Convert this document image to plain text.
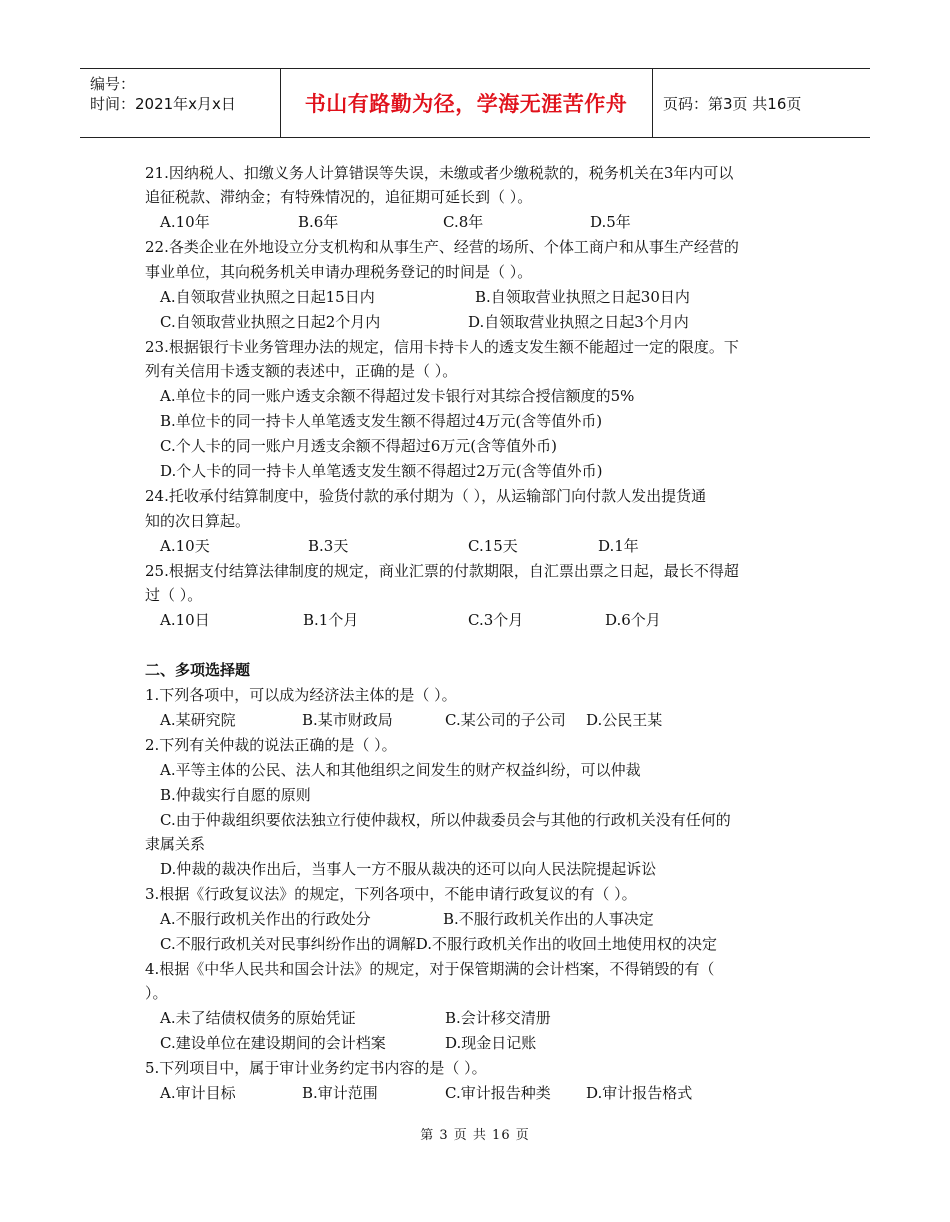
编号：
时间：2021年x月x日	书山有路勤为径，学海无涯苦作舟	页码：第3页 共16页
21.因纳税人、扣缴义务人计算错误等失误，未缴或者少缴税款的，税务机关在3年内可以
追征税款、滞纳金；有特殊情况的，追征期可延长到（ ）。
A.10年	B.6年	C.8年	D.5年
22.各类企业在外地设立分支机构和从事生产、经营的场所、个体工商户和从事生产经营的
事业单位，其向税务机关申请办理税务登记的时间是（ ）。
A.自领取营业执照之日起15日内	B.自领取营业执照之日起30日内
C.自领取营业执照之日起2个月内	D.自领取营业执照之日起3个月内
23.根据银行卡业务管理办法的规定，信用卡持卡人的透支发生额不能超过一定的限度。下
列有关信用卡透支额的表述中，正确的是（ ）。
A.单位卡的同一账户透支余额不得超过发卡银行对其综合授信额度的5%
B.单位卡的同一持卡人单笔透支发生额不得超过4万元(含等值外币)
C.个人卡的同一账户月透支余额不得超过6万元(含等值外币)
D.个人卡的同一持卡人单笔透支发生额不得超过2万元(含等值外币)
24.托收承付结算制度中，验货付款的承付期为（ ），从运输部门向付款人发出提货通
知的次日算起。
A.10天	B.3天	C.15天	D.1年
25.根据支付结算法律制度的规定，商业汇票的付款期限，自汇票出票之日起，最长不得超
过（ ）。
A.10日	B.1个月	C.3个月	D.6个月
二、多项选择题
1.下列各项中，可以成为经济法主体的是（ ）。
A.某研究院	B.某市财政局	C.某公司的子公司 D.公民王某
2.下列有关仲裁的说法正确的是（ ）。
A.平等主体的公民、法人和其他组织之间发生的财产权益纠纷，可以仲裁
B.仲裁实行自愿的原则
C.由于仲裁组织要依法独立行使仲裁权，所以仲裁委员会与其他的行政机关没有任何的
隶属关系
D.仲裁的裁决作出后，当事人一方不服从裁决的还可以向人民法院提起诉讼
3.根据《行政复议法》的规定，下列各项中，不能申请行政复议的有（ ）。
A.不服行政机关作出的行政处分	B.不服行政机关作出的人事决定
C.不服行政机关对民事纠纷作出的调解D.不服行政机关作出的收回土地使用权的决定
4.根据《中华人民共和国会计法》的规定，对于保管期满的会计档案，不得销毁的有（
）。
A.未了结债权债务的原始凭证	B.会计移交清册
C.建设单位在建设期间的会计档案	D.现金日记账
5.下列项目中，属于审计业务约定书内容的是（ ）。
A.审计目标	B.审计范围	C.审计报告种类 D.审计报告格式
第 3 页 共 16 页
